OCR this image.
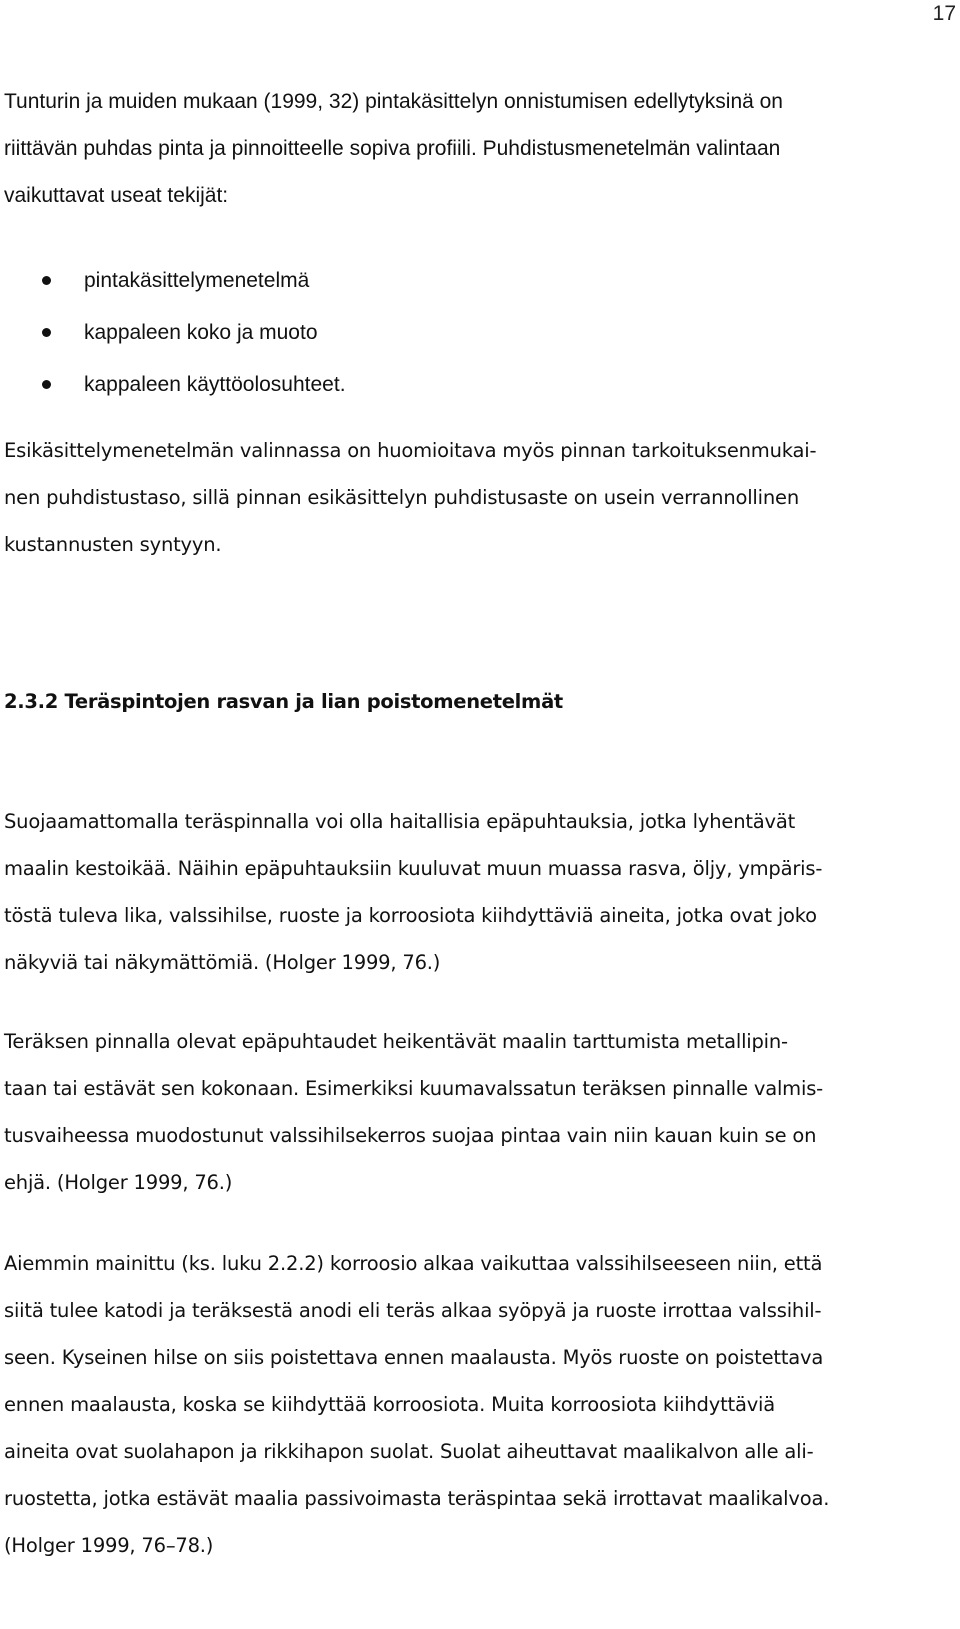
17

Tunturin ja muiden mukaan (1999, 32) pintakäsittelyn onnistumisen edellytyksinä on
riittävän puhdas pinta ja pinnoitteelle sopiva profiili. Puhdistusmenetelmän valintaan
vaikuttavat useat tekijät:

pintakäsittelymenetelmä
kappaleen koko ja muoto
kappaleen käyttöolosuhteet.

Esikäsittelymenetelmän valinnassa on huomioitava myös pinnan tarkoituksenmukai-
nen puhdistustaso, sillä pinnan esikäsittelyn puhdistusaste on usein verrannollinen
kustannusten syntyyn.

2.3.2 Teräspintojen rasvan ja lian poistomenetelmät

Suojaamattomalla teräspinnalla voi olla haitallisia epäpuhtauksia, jotka lyhentävät
maalin kestoikää. Näihin epäpuhtauksiin kuuluvat muun muassa rasva, öljy, ympäris-
töstä tuleva lika, valssihilse, ruoste ja korroosiota kiihdyttäviä aineita, jotka ovat joko
näkyviä tai näkymättömiä. (Holger 1999, 76.)

Teräksen pinnalla olevat epäpuhtaudet heikentävät maalin tarttumista metallipin-
taan tai estävät sen kokonaan. Esimerkiksi kuumavalssatun teräksen pinnalle valmis-
tusvaiheessa muodostunut valssihilsekerros suojaa pintaa vain niin kauan kuin se on
ehjä. (Holger 1999, 76.)

Aiemmin mainittu (ks. luku 2.2.2) korroosio alkaa vaikuttaa valssihilseeseen niin, että
siitä tulee katodi ja teräksestä anodi eli teräs alkaa syöpyä ja ruoste irrottaa valssihil-
seen. Kyseinen hilse on siis poistettava ennen maalausta. Myös ruoste on poistettava
ennen maalausta, koska se kiihdyttää korroosiota. Muita korroosiota kiihdyttäviä
aineita ovat suolahapon ja rikkihapon suolat. Suolat aiheuttavat maalikalvon alle ali-
ruostetta, jotka estävät maalia passivoimasta teräspintaa sekä irrottavat maalikalvoa.
(Holger 1999, 76–78.)
